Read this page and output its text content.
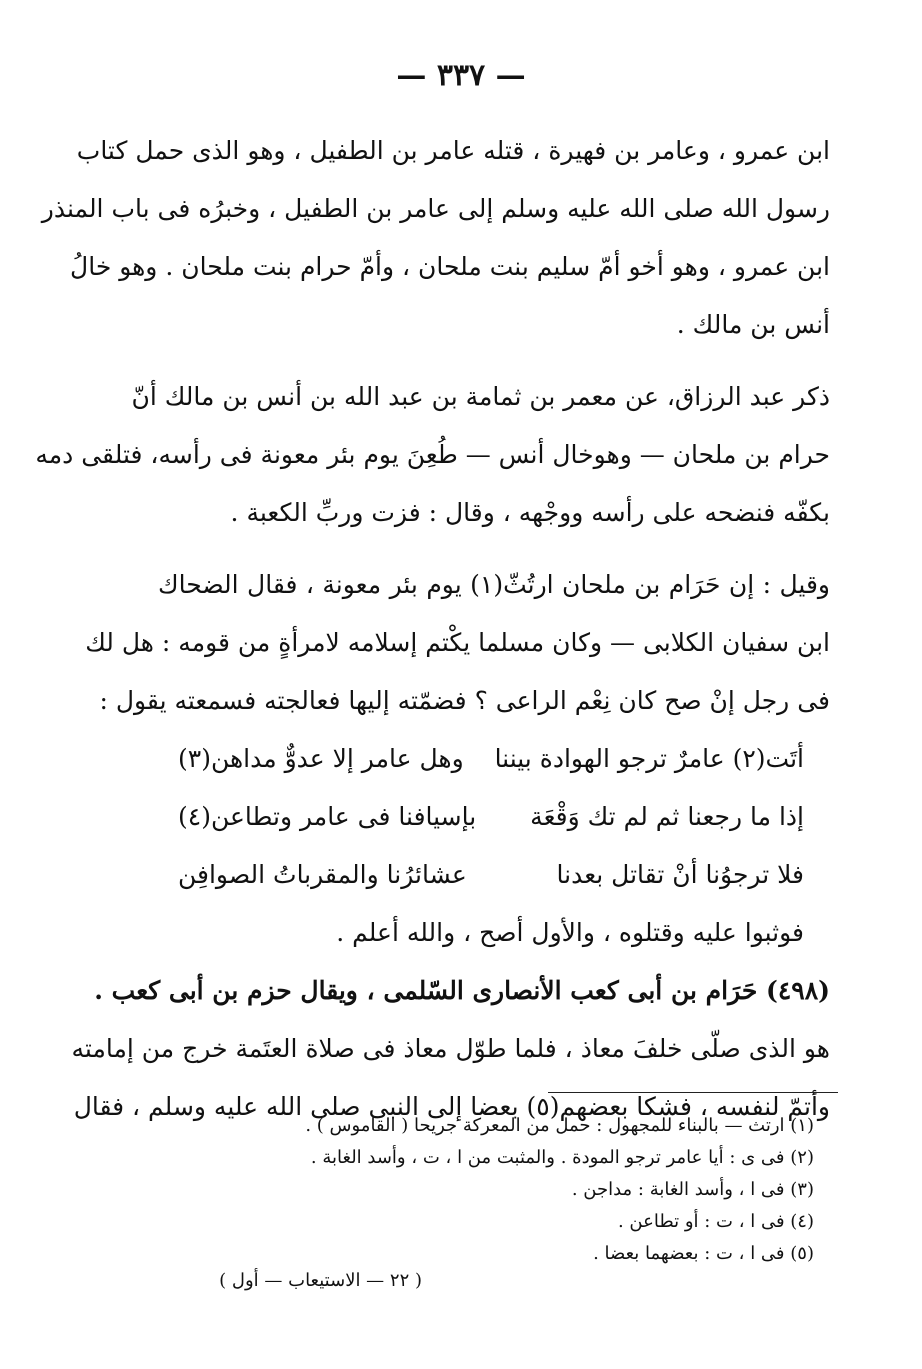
— ٣٣٧ —
ابن عمرو ، وعامر بن فهيرة ، قتله عامر بن الطفيل ، وهو الذى حمل كتاب
رسول الله صلى الله عليه وسلم إلى عامر بن الطفيل ، وخبرُه فى باب المنذر
ابن عمرو ، وهو أخو أمّ سليم بنت ملحان ، وأمّ حرام بنت ملحان . وهو خالُ
أنس بن مالك .
ذكر عبد الرزاق، عن معمر بن ثمامة بن عبد الله بن أنس بن مالك أنّ
حرام بن ملحان — وهوخال أنس — طُعِنَ يوم بئر معونة فى رأسه، فتلقى دمه
بكفّه فنضحه على رأسه ووجْهه ، وقال : فزت وربِّ الكعبة .
وقيل : إن حَرَام بن ملحان ارتُثّ(١) يوم بئر معونة ، فقال الضحاك
ابن سفيان الكلابى — وكان مسلما يكْتم إسلامه لامرأةٍ من قومه : هل لك
فى رجل إنْ صح كان نِعْم الراعى ؟ فضمّته إليها فعالجته فسمعته يقول :
أتَت(٢) عامرٌ ترجو الهوادة بيننا
وهل عامر إلا عدوٌّ مداهن(٣)
إذا ما رجعنا ثم لم تك وَقْعَة
بإسيافنا فى عامر وتطاعن(٤)
فلا ترجوُنا أنْ تقاتل بعدنا
عشائرُنا والمقرباتُ الصوافِن
فوثبوا عليه وقتلوه ، والأول أصح ، والله أعلم .
(٤٩٨) حَرَام بن أبى كعب الأنصارى السّلمى ، ويقال حزم بن أبى كعب .
هو الذى صلّى خلفَ معاذ ، فلما طوّل معاذ فى صلاة العتَمة خرج من إمامته
وأتمّ لنفسه ، فشكا بعضهم(٥) بعضا إلى النبى صلى الله عليه وسلم ، فقال
(١) ارتث — بالبناء للمجهول : حمل من المعركة جريحا ( القاموس ) .
(٢) فى ى : أيا عامر ترجو المودة . والمثبت من ا ، ت ، وأسد الغابة .
(٣) فى ا ، وأسد الغابة : مداجن .
(٤) فى ا ، ت : أو تطاعن .
(٥) فى ا ، ت : بعضهما بعضا .
( ٢٢ — الاستيعاب — أول )
